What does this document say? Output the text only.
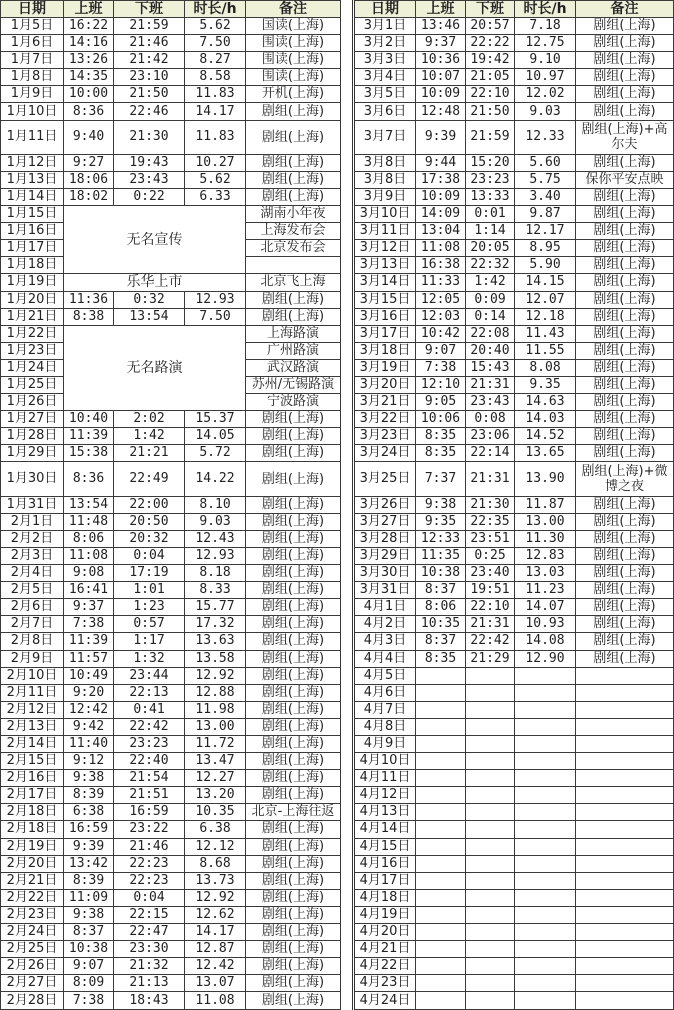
日期	上班	下班	时长/h	备注
1月5日	16:22	21:59	5.62	国读(上海)
1月6日	14:16	21:46	7.50	围读(上海)
1月7日	13:26	21:42	8.27	围读(上海)
1月8日	14:35	23:10	8.58	围读(上海)
1月9日	10:00	21:50	11.83	开机(上海)
1月10日	8:36	22:46	14.17	剧组(上海)
1月11日	9:40	21:30	11.83	剧组(上海)
1月12日	9:27	19:43	10.27	剧组(上海)
1月13日	18:06	23:43	5.62	剧组(上海)
1月14日	18:02	0:22	6.33	剧组(上海)
1月15日	无名宣传			湖南小年夜
1月16日				上海发布会
1月17日				北京发布会
1月18日				
1月19日	乐华上市			北京飞上海
1月20日	11:36	0:32	12.93	剧组(上海)
1月21日	8:38	13:54	7.50	剧组(上海)
1月22日	无名路演			上海路演
1月23日				广州路演
1月24日				武汉路演
1月25日				苏州/无锡路演
1月26日				宁波路演
1月27日	10:40	2:02	15.37	剧组(上海)
1月28日	11:39	1:42	14.05	剧组(上海)
1月29日	15:38	21:21	5.72	剧组(上海)
1月30日	8:36	22:49	14.22	剧组(上海)
1月31日	13:54	22:00	8.10	剧组(上海)
2月1日	11:48	20:50	9.03	剧组(上海)
2月2日	8:06	20:32	12.43	剧组(上海)
2月3日	11:08	0:04	12.93	剧组(上海)
2月4日	9:08	17:19	8.18	剧组(上海)
2月5日	16:41	1:01	8.33	剧组(上海)
2月6日	9:37	1:23	15.77	剧组(上海)
2月7日	7:38	0:57	17.32	剧组(上海)
2月8日	11:39	1:17	13.63	剧组(上海)
2月9日	11:57	1:32	13.58	剧组(上海)
2月10日	10:49	23:44	12.92	剧组(上海)
2月11日	9:20	22:13	12.88	剧组(上海)
2月12日	12:42	0:41	11.98	剧组(上海)
2月13日	9:42	22:42	13.00	剧组(上海)
2月14日	11:40	23:23	11.72	剧组(上海)
2月15日	9:12	22:40	13.47	剧组(上海)
2月16日	9:38	21:54	12.27	剧组(上海)
2月17日	8:39	21:51	13.20	剧组(上海)
2月18日	6:38	16:59	10.35	北京-上海往返
2月18日	16:59	23:22	6.38	剧组(上海)
2月19日	9:39	21:46	12.12	剧组(上海)
2月20日	13:42	22:23	8.68	剧组(上海)
2月21日	8:39	22:23	13.73	剧组(上海)
2月22日	11:09	0:04	12.92	剧组(上海)
2月23日	9:38	22:15	12.62	剧组(上海)
2月24日	8:37	22:47	14.17	剧组(上海)
2月25日	10:38	23:30	12.87	剧组(上海)
2月26日	9:07	21:32	12.42	剧组(上海)
2月27日	8:09	21:13	13.07	剧组(上海)
2月28日	7:38	18:43	11.08	剧组(上海)
日期	上班	下班	时长/h	备注
3月1日	13:46	20:57	7.18	剧组(上海)
3月2日	9:37	22:22	12.75	剧组(上海)
3月3日	10:36	19:42	9.10	剧组(上海)
3月4日	10:07	21:05	10.97	剧组(上海)
3月5日	10:09	22:10	12.02	剧组(上海)
3月6日	12:48	21:50	9.03	剧组(上海)
3月7日	9:39	21:59	12.33	剧组(上海)+高尔夫
3月8日	9:44	15:20	5.60	剧组(上海)
3月8日	17:38	23:23	5.75	保你平安点映
3月9日	10:09	13:33	3.40	剧组(上海)
3月10日	14:09	0:01	9.87	剧组(上海)
3月11日	13:04	1:14	12.17	剧组(上海)
3月12日	11:08	20:05	8.95	剧组(上海)
3月13日	16:38	22:32	5.90	剧组(上海)
3月14日	11:33	1:42	14.15	剧组(上海)
3月15日	12:05	0:09	12.07	剧组(上海)
3月16日	12:03	0:14	12.18	剧组(上海)
3月17日	10:42	22:08	11.43	剧组(上海)
3月18日	9:07	20:40	11.55	剧组(上海)
3月19日	7:38	15:43	8.08	剧组(上海)
3月20日	12:10	21:31	9.35	剧组(上海)
3月21日	9:05	23:43	14.63	剧组(上海)
3月22日	10:06	0:08	14.03	剧组(上海)
3月23日	8:35	23:06	14.52	剧组(上海)
3月24日	8:35	22:14	13.65	剧组(上海)
3月25日	7:37	21:31	13.90	剧组(上海)+微博之夜
3月26日	9:38	21:30	11.87	剧组(上海)
3月27日	9:35	22:35	13.00	剧组(上海)
3月28日	12:33	23:51	11.30	剧组(上海)
3月29日	11:35	0:25	12.83	剧组(上海)
3月30日	10:38	23:40	13.03	剧组(上海)
3月31日	8:37	19:51	11.23	剧组(上海)
4月1日	8:06	22:10	14.07	剧组(上海)
4月2日	10:35	21:31	10.93	剧组(上海)
4月3日	8:37	22:42	14.08	剧组(上海)
4月4日	8:35	21:29	12.90	剧组(上海)
4月5日				
4月6日				
4月7日				
4月8日				
4月9日				
4月10日				
4月11日				
4月12日				
4月13日				
4月14日				
4月15日				
4月16日				
4月17日				
4月18日				
4月19日				
4月20日				
4月21日				
4月22日				
4月23日				
4月24日				
